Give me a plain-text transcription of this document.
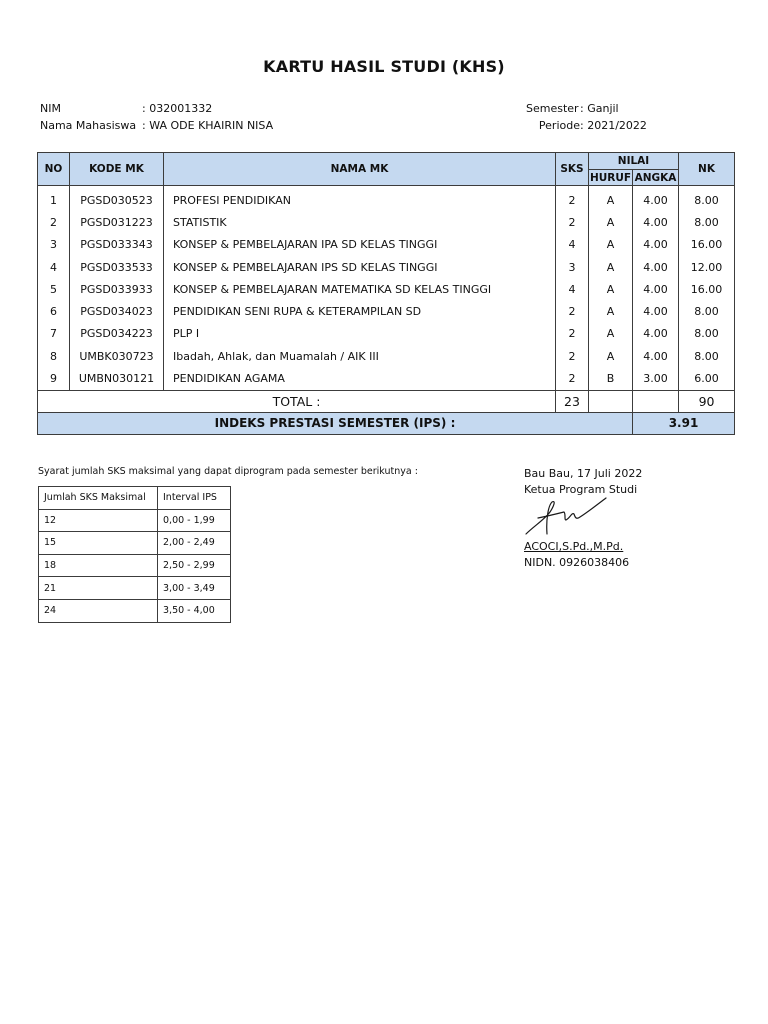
KARTU HASIL STUDI (KHS)
NIM	: 032001332
Nama Mahasiswa : WA ODE KHAIRIN NISA
Semester : Ganjil
Periode : 2021/2022
NO	KODE MK	NAMA MK	SKS	NILAI		NK
				HURUF	ANGKA	
1	PGSD030523	PROFESI PENDIDIKAN	2	A	4.00	8.00
2	PGSD031223	STATISTIK	2	A	4.00	8.00
3	PGSD033343	KONSEP & PEMBELAJARAN IPA SD KELAS TINGGI	4	A	4.00	16.00
4	PGSD033533	KONSEP & PEMBELAJARAN IPS SD KELAS TINGGI	3	A	4.00	12.00
5	PGSD033933	KONSEP & PEMBELAJARAN MATEMATIKA SD KELAS TINGGI	4	A	4.00	16.00
6	PGSD034023	PENDIDIKAN SENI RUPA & KETERAMPILAN SD	2	A	4.00	8.00
7	PGSD034223	PLP I	2	A	4.00	8.00
8	UMBK030723	Ibadah, Ahlak, dan Muamalah / AIK III	2	A	4.00	8.00
9	UMBN030121	PENDIDIKAN AGAMA	2	B	3.00	6.00
TOTAL :			23			90
INDEKS PRESTASI SEMESTER (IPS) :					3.91	
Syarat jumlah SKS maksimal yang dapat diprogram pada semester berikutnya :
Jumlah SKS Maksimal	Interval IPS
12	0,00 - 1,99
15	2,00 - 2,49
18	2,50 - 2,99
21	3,00 - 3,49
24	3,50 - 4,00
Bau Bau, 17 Juli 2022
Ketua Program Studi
ACOCI,S.Pd.,M.Pd.
NIDN. 0926038406
